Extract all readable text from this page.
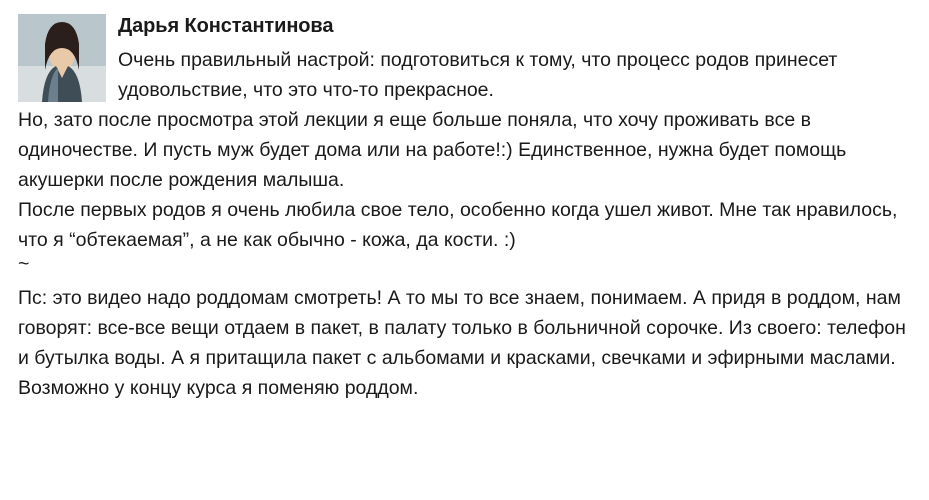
Дарья Константинова
Очень правильный настрой: подготовиться к тому, что процесс родов принесет удовольствие, что это что-то прекрасное.
Но, зато после просмотра этой лекции я еще больше поняла, что хочу проживать все в одиночестве. И пусть муж будет дома или на работе!:) Единственное, нужна будет помощь акушерки после рождения малыша.
После первых родов я очень любила свое тело, особенно когда ушел живот. Мне так нравилось, что я “обтекаемая”, а не как обычно - кожа, да кости. :)
~
Пс: это видео надо роддомам смотреть! А то мы то все знаем, понимаем. А придя в роддом, нам говорят: все-все вещи отдаем в пакет, в палату только в больничной сорочке. Из своего: телефон и бутылка воды. А я притащила пакет с альбомами и красками, свечками и эфирными маслами. Возможно у концу курса я поменяю роддом.
